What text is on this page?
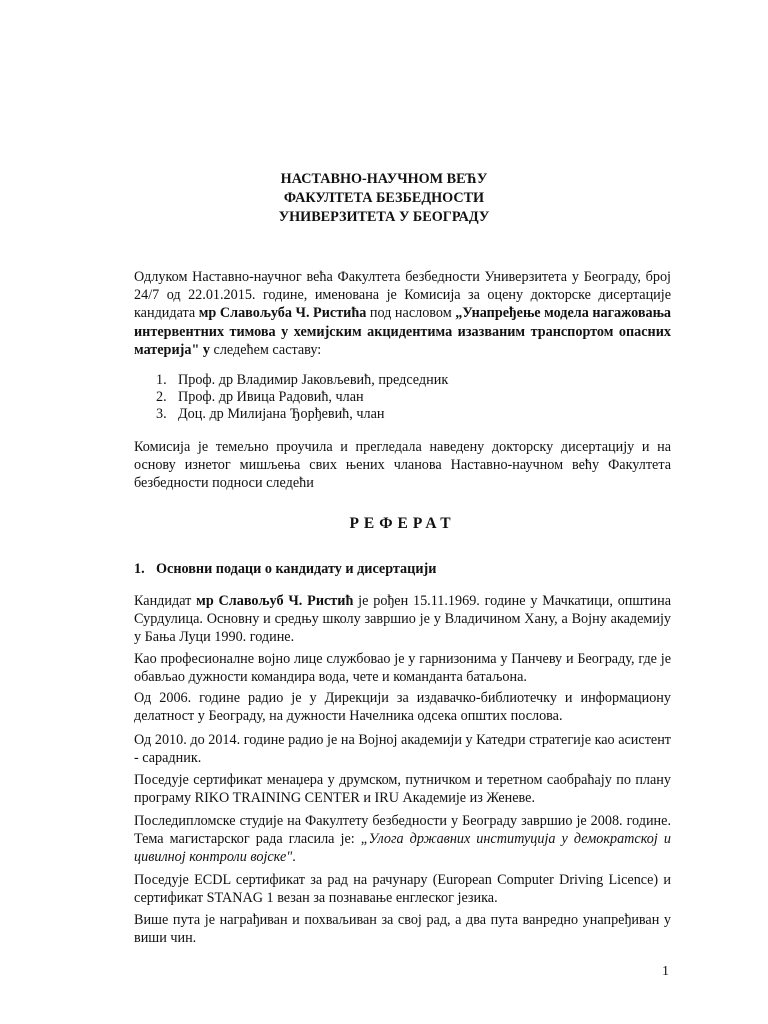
НАСТАВНО-НАУЧНОМ ВЕЋУ
ФАКУЛТЕТА БЕЗБЕДНОСТИ
УНИВЕРЗИТЕТА У БЕОГРАДУ

Одлуком Наставно-научног већа Факултета безбедности Универзитета у Београду, број 24/7 од 22.01.2015. године, именована је Комисија за оцену докторске дисертације кандидата мр Славољуба Ч. Ристића под насловом „Унапређење модела нагажовања интервентних тимова у хемијским акцидентима изазваним транспортом опасних материја" у следећем саставу:

1. Проф. др Владимир Јаковљевић, председник
2. Проф. др Ивица Радовић, члан
3. Доц. др Милијана Ђорђевић, члан

Комисија је темељно проучила и прегледала наведену докторску дисертацију и на основу изнетог мишљења свих њених чланова Наставно-научном већу Факултета безбедности подноси следећи

РЕФЕРАТ
1. Основни подаци о кандидату и дисертацији

Кандидат мр Славољуб Ч. Ристић је рођен 15.11.1969. године у Мачкатици, општина Сурдулица. Основну и средњу школу завршио је у Владичином Хану, а Војну академију у Бања Луци 1990. године.

Као професионалне војно лице службовао је у гарнизонима у Панчеву и Београду, где је обављао дужности командира вода, чете и команданта батаљона.

Од 2006. године радио је у Дирекцији за издавачко-библиотечку и информациону делатност у Београду, на дужности Начелника одсека општих послова.

Од 2010. до 2014. године радио је на Војној академији у Катедри стратегије као асистент - сарадник.

Поседује сертификат менаџера у друмском, путничком и теретном саобраћају по плану програму RIKO TRAINING CENTER и IRU Академије из Женеве.

Последипломске студије на Факултету безбедности у Београду завршио је 2008. године. Тема магистарског рада гласила је: „Улога државних институција у демократској и цивилној контроли војске".

Поседује ECDL сертификат за рад на рачунару (European Computer Driving Licence) и сертификат STANAG 1 везан за познавање енглеског језика.

Више пута је награђиван и похваљиван за свој рад, а два пута ванредно унапређиван у виши чин.

1
